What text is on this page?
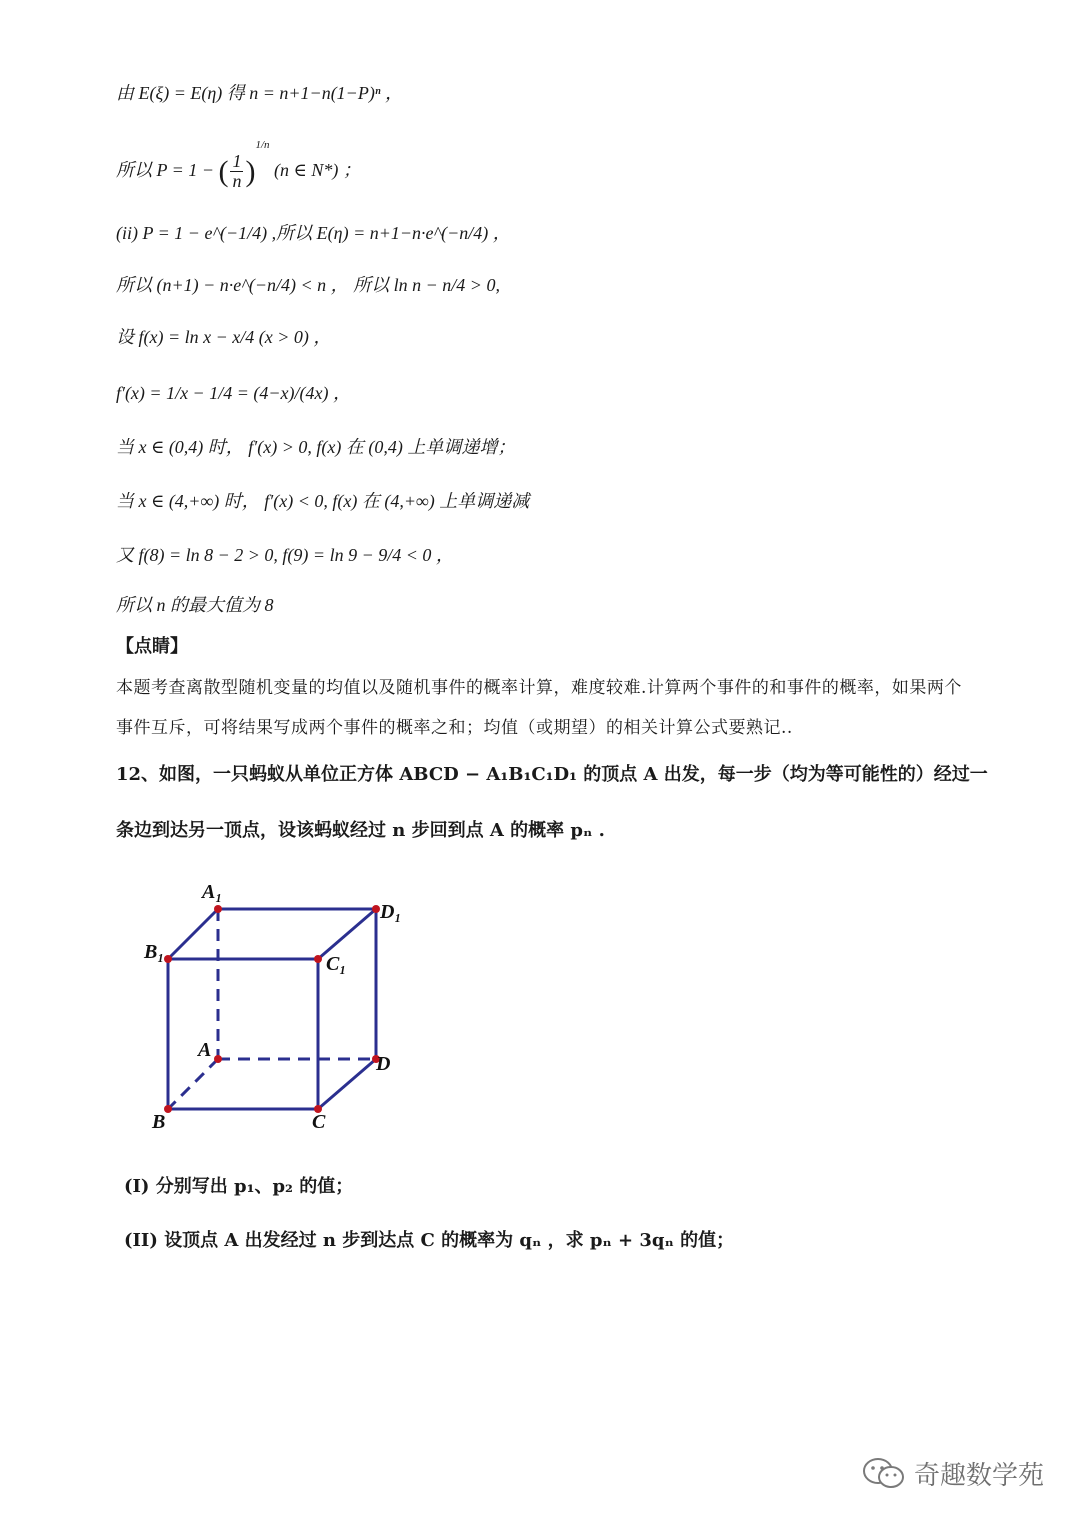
由 E(ξ) = E(η) 得 n = n+1−n(1−P)ⁿ ，
所以 P = 1 − ( $\frac{1}{n} )^{1/n}$ (n ∈ N*) ；
(ii) P = 1 − e^(−1/4) ,所以 E(η) = n+1−n·e^(−n/4) ，
所以 (n+1) − n·e^(−n/4) < n ， 所以 ln n − n/4 > 0,
设 f(x) = ln x − x/4 (x > 0) ，
f′(x) = 1/x − 1/4 = (4−x)/(4x) ，
当 x ∈ (0,4) 时， f′(x) > 0, f(x) 在 (0,4) 上单调递增；
当 x ∈ (4,+∞) 时， f′(x) < 0, f(x) 在 (4,+∞) 上单调递减
又 f(8) = ln 8 − 2 > 0, f(9) = ln 9 − 9/4 < 0 ，
所以 n 的最大值为 8
【点睛】
本题考查离散型随机变量的均值以及随机事件的概率计算，难度较难.计算两个事件的和事件的概率，如果两个事件互斥，可将结果写成两个事件的概率之和；均值（或期望）的相关计算公式要熟记..
12、如图，一只蚂蚁从单位正方体 ABCD − A₁B₁C₁D₁ 的顶点 A 出发，每一步（均为等可能性的）经过一
条边到达另一顶点，设该蚂蚁经过 n 步回到点 A 的概率 pₙ .
A₁
D₁
B₁
C₁
A
D
B	C
(I) 分别写出 p₁、p₂ 的值；
(II) 设顶点 A 出发经过 n 步到达点 C 的概率为 qₙ ，求 pₙ + 3qₙ 的值；
奇趣数学苑
